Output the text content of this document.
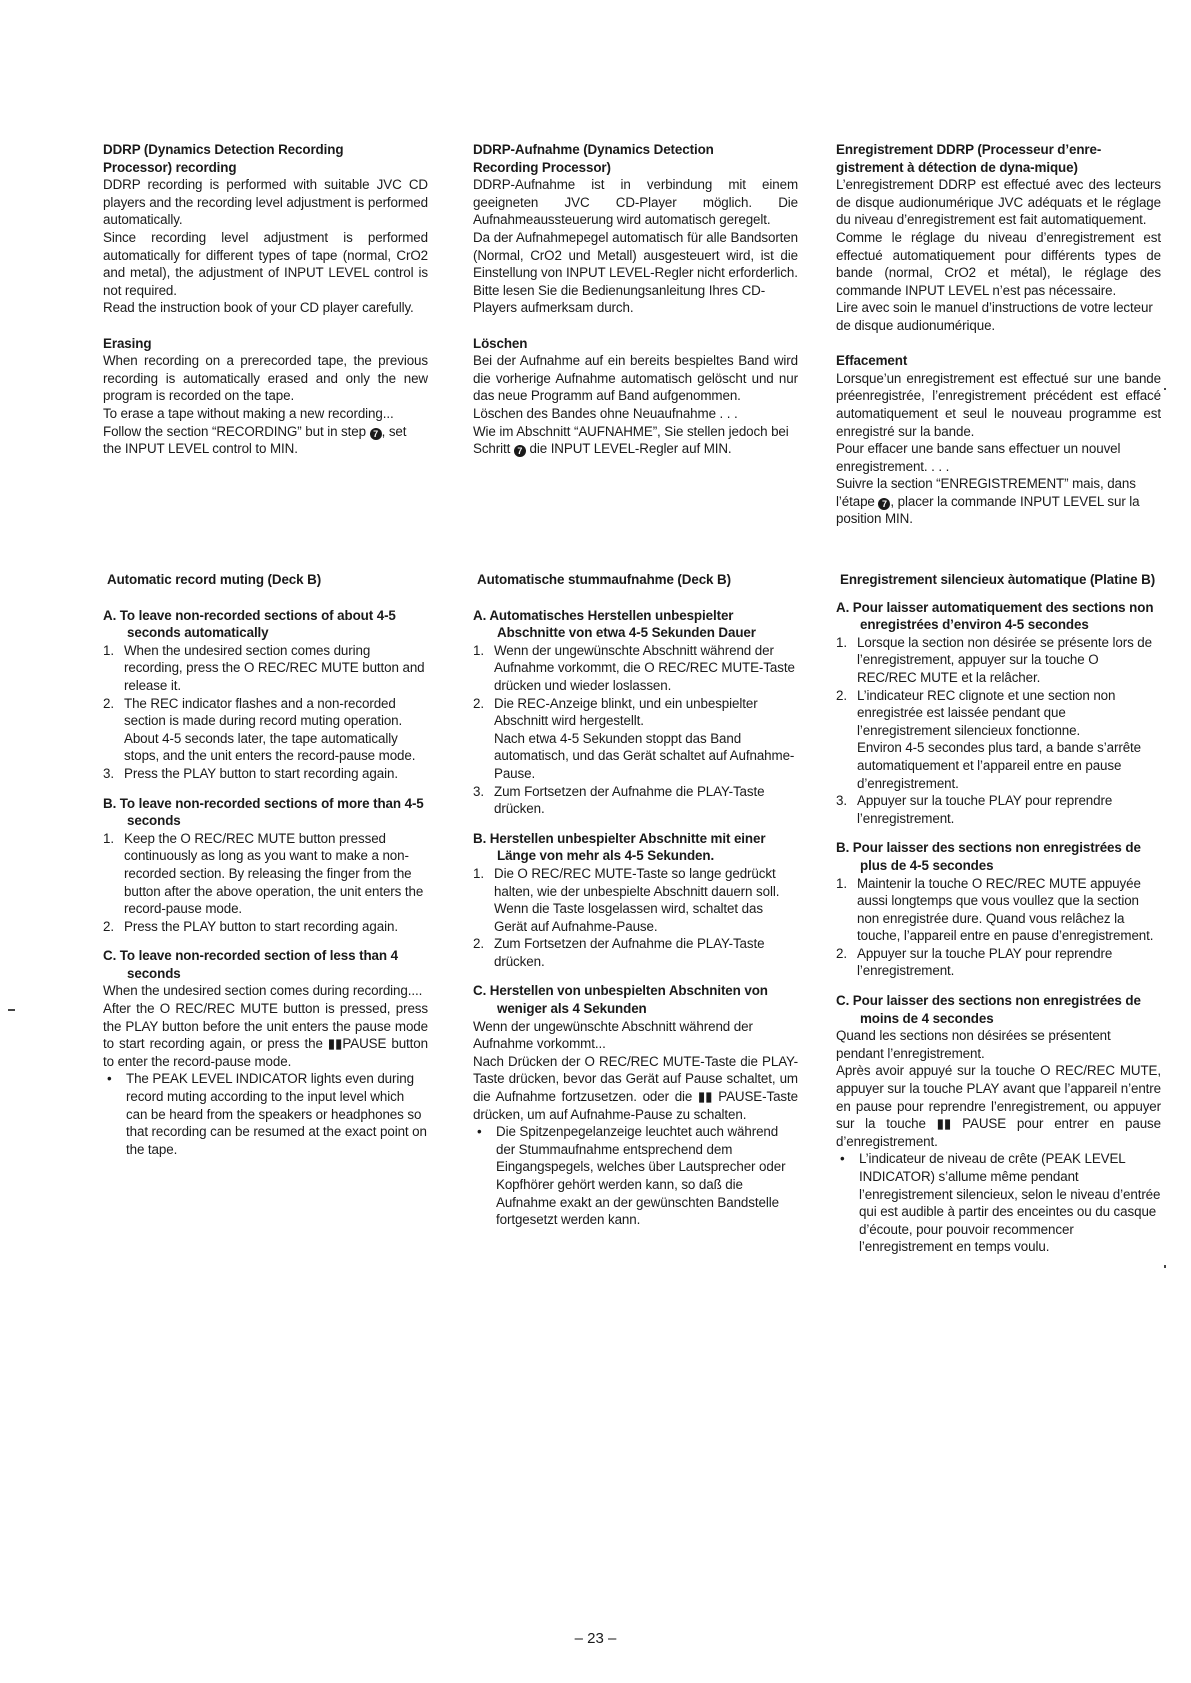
DDRP (Dynamics Detection Recording
Processor) recording

DDRP recording is performed with suitable JVC CD players and the recording level adjustment is performed automatically.

Since recording level adjustment is performed automatically for different types of tape (normal, CrO2 and metal), the adjustment of INPUT LEVEL control is not required.

Read the instruction book of your CD player carefully.

Erasing

When recording on a prerecorded tape, the previous recording is automatically erased and only the new program is recorded on the tape.

To erase a tape without making a new recording...

Follow the section “RECORDING” but in step 7 , set the INPUT LEVEL control to MIN.

Automatic record muting (Deck B)

A. To leave non-recorded sections of about 4-5 seconds automatically

1. When the undesired section comes during recording, press the O REC/REC MUTE button and release it.
2. The REC indicator flashes and a non-recorded section is made during record muting operation.
About 4-5 seconds later, the tape automatically stops, and the unit enters the record-pause mode.
3. Press the PLAY button to start recording again.

B. To leave non-recorded sections of more than 4-5 seconds

1. Keep the O REC/REC MUTE button pressed continuously as long as you want to make a non-recorded section. By releasing the finger from the button after the above operation, the unit enters the record-pause mode.
2. Press the PLAY button to start recording again.

C. To leave non-recorded section of less than 4 seconds

When the undesired section comes during recording....

After the O REC/REC MUTE button is pressed, press the PLAY button before the unit enters the pause mode to start recording again, or press the ▮▮PAUSE button to enter the record-pause mode.

• The PEAK LEVEL INDICATOR lights even during record muting according to the input level which can be heard from the speakers or headphones so that recording can be resumed at the exact point on the tape.

DDRP-Aufnahme (Dynamics Detection
Recording Processor)

DDRP-Aufnahme ist in verbindung mit einem geeigneten JVC CD-Player möglich. Die Aufnahmeaussteuerung wird automatisch geregelt.

Da der Aufnahmepegel automatisch für alle Bandsorten (Normal, CrO2 und Metall) ausgesteuert wird, ist die Einstellung von INPUT LEVEL-Regler nicht erforderlich.

Bitte lesen Sie die Bedienungsanleitung Ihres CD-Players aufmerksam durch.

Löschen

Bei der Aufnahme auf ein bereits bespieltes Band wird die vorherige Aufnahme automatisch gelöscht und nur das neue Programm auf Band aufgenommen.

Löschen des Bandes ohne Neuaufnahme . . .

Wie im Abschnitt “AUFNAHME”, Sie stellen jedoch bei Schritt 7 die INPUT LEVEL-Regler auf MIN.

Automatische stummaufnahme (Deck B)

A. Automatisches Herstellen unbespielter Abschnitte von etwa 4-5 Sekunden Dauer

1. Wenn der ungewünschte Abschnitt während der Aufnahme vorkommt, die O REC/REC MUTE-Taste drücken und wieder loslassen.
2. Die REC-Anzeige blinkt, und ein unbespielter Abschnitt wird hergestellt.
Nach etwa 4-5 Sekunden stoppt das Band automatisch, und das Gerät schaltet auf Aufnahme-Pause.
3. Zum Fortsetzen der Aufnahme die PLAY-Taste drücken.

B. Herstellen unbespielter Abschnitte mit einer Länge von mehr als 4-5 Sekunden.

1. Die O REC/REC MUTE-Taste so lange gedrückt halten, wie der unbespielte Abschnitt dauern soll.
Wenn die Taste losgelassen wird, schaltet das Gerät auf Aufnahme-Pause.
2. Zum Fortsetzen der Aufnahme die PLAY-Taste drücken.

C. Herstellen von unbespielten Abschniten von weniger als 4 Sekunden

Wenn der ungewünschte Abschnitt während der Aufnahme vorkommt...

Nach Drücken der O REC/REC MUTE-Taste die PLAY-Taste drücken, bevor das Gerät auf Pause schaltet, um die Aufnahme fortzusetzen. oder die ▮▮ PAUSE-Taste drücken, um auf Aufnahme-Pause zu schalten.

• Die Spitzenpegelanzeige leuchtet auch während der Stummaufnahme entsprechend dem Eingangspegels, welches über Lautsprecher oder Kopfhörer gehört werden kann, so daß die Aufnahme exakt an der gewünschten Bandstelle fortgesetzt werden kann.

Enregistrement DDRP (Processeur d’enre-
gistrement à détection de dyna-mique)

L’enregistrement DDRP est effectué avec des lecteurs de disque audionumérique JVC adéquats et le réglage du niveau d’enregistrement est fait automatiquement.

Comme le réglage du niveau d’enregistrement est effectué automatiquement pour différents types de bande (normal, CrO2 et métal), le réglage des commande INPUT LEVEL n’est pas nécessaire.

Lire avec soin le manuel d’instructions de votre lecteur de disque audionumérique.

Effacement

Lorsque’un enregistrement est effectué sur une bande préenregistrée, l’enregistrement précédent est effacé automatiquement et seul le nouveau programme est enregistré sur la bande.

Pour effacer une bande sans effectuer un nouvel enregistrement. . . .

Suivre la section “ENREGISTREMENT” mais, dans l’étape 7 , placer la commande INPUT LEVEL sur la position MIN.

Enregistrement silencieux àutomatique (Platine B)

A. Pour laisser automatiquement des sections non enregistrées d’environ 4-5 secondes

1. Lorsque la section non désirée se présente lors de l’enregistrement, appuyer sur la touche O REC/REC MUTE et la relâcher.
2. L’indicateur REC clignote et une section non enregistrée est laissée pendant que l’enregistrement silencieux fonctionne.
Environ 4-5 secondes plus tard, a bande s’arrête automatiquement et l’appareil entre en pause d’enregistrement.
3. Appuyer sur la touche PLAY pour reprendre l’enregistrement.

B. Pour laisser des sections non enregistrées de plus de 4-5 secondes

1. Maintenir la touche O REC/REC MUTE appuyée aussi longtemps que vous voullez que la section non enregistrée dure. Quand vous relâchez la touche, l’appareil entre en pause d’enregistrement.
2. Appuyer sur la touche PLAY pour reprendre l’enregistrement.

C. Pour laisser des sections non enregistrées de moins de 4 secondes

Quand les sections non désirées se présentent pendant l’enregistrement.

Après avoir appuyé sur la touche O REC/REC MUTE, appuyer sur la touche PLAY avant que l’appareil n’entre en pause pour reprendre l’enregistrement, ou appuyer sur la touche ▮▮ PAUSE pour entrer en pause d’enregistrement.

• L’indicateur de niveau de crête (PEAK LEVEL INDICATOR) s’allume même pendant l’enregistrement silencieux, selon le niveau d’entrée qui est audible à partir des enceintes ou du casque d’écoute, pour pouvoir recommencer l’enregistrement en temps voulu.
– 23 –
